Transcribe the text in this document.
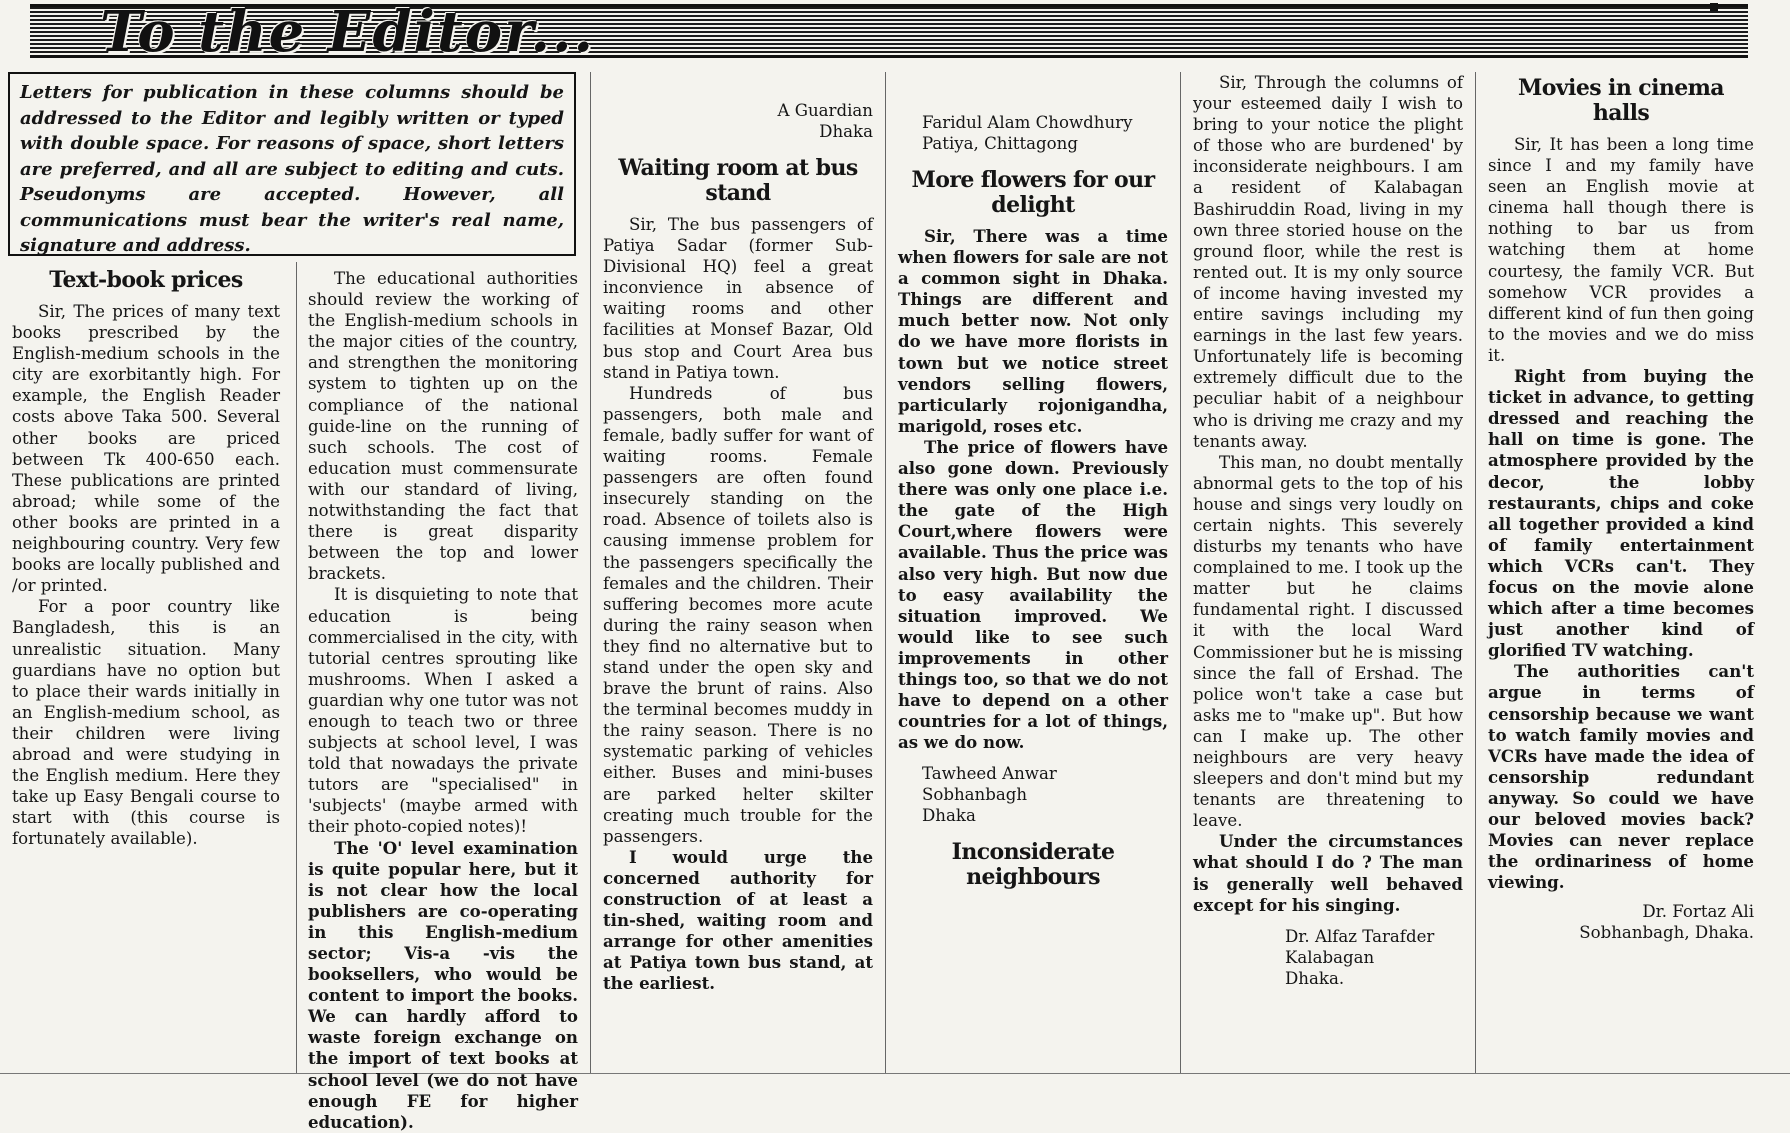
To the Editor...
Letters for publication in these columns should be addressed to the Editor and legibly written or typed with double space. For reasons of space, short letters are preferred, and all are subject to editing and cuts. Pseudonyms are accepted. However, all communications must bear the writer's real name, signature and address.
Text-book prices

Sir, The prices of many text books prescribed by the English-medium schools in the city are exorbitantly high. For example, the English Reader costs above Taka 500. Several other books are priced between Tk 400-650 each. These publications are printed abroad; while some of the other books are printed in a neighbouring country. Very few books are locally published and /or printed.

For a poor country like Bangladesh, this is an unrealistic situation. Many guardians have no option but to place their wards initially in an English-medium school, as their children were living abroad and were studying in the English medium. Here they take up Easy Bengali course to start with (this course is fortunately available).

The educational authorities should review the working of the English-medium schools in the major cities of the country, and strengthen the monitoring system to tighten up on the compliance of the national guide-line on the running of such schools. The cost of education must commensurate with our standard of living, notwithstanding the fact that there is great disparity between the top and lower brackets.

It is disquieting to note that education is being commercialised in the city, with tutorial centres sprouting like mushrooms. When I asked a guardian why one tutor was not enough to teach two or three subjects at school level, I was told that nowadays the private tutors are "specialised" in 'subjects' (maybe armed with their photo-copied notes)!

The 'O' level examination is quite popular here, but it is not clear how the local publishers are co-operating in this English-medium sector; Vis-a -vis the booksellers, who would be content to import the books. We can hardly afford to waste foreign exchange on the import of text books at school level (we do not have enough FE for higher education).

A Guardian
Dhaka
Waiting room at bus stand

Sir, The bus passengers of Patiya Sadar (former Sub-Divisional HQ) feel a great inconvience in absence of waiting rooms and other facilities at Monsef Bazar, Old bus stop and Court Area bus stand in Patiya town.

Hundreds of bus passengers, both male and female, badly suffer for want of waiting rooms. Female passengers are often found insecurely standing on the road. Absence of toilets also is causing immense problem for the passengers specifically the females and the children. Their suffering becomes more acute during the rainy season when they find no alternative but to stand under the open sky and brave the brunt of rains. Also the terminal becomes muddy in the rainy season. There is no systematic parking of vehicles either. Buses and mini-buses are parked helter skilter creating much trouble for the passengers.

I would urge the concerned authority for construction of at least a tin-shed, waiting room and arrange for other amenities at Patiya town bus stand, at the earliest.

Faridul Alam Chowdhury
Patiya, Chittagong
More flowers for our delight

Sir, There was a time when flowers for sale are not a common sight in Dhaka. Things are different and much better now. Not only do we have more florists in town but we notice street vendors selling flowers, particularly rojonigandha, marigold, roses etc.

The price of flowers have also gone down. Previously there was only one place i.e. the gate of the High Court,where flowers were available. Thus the price was also very high. But now due to easy availability the situation improved. We would like to see such improvements in other things too, so that we do not have to depend on a other countries for a lot of things, as we do now.

Tawheed Anwar
Sobhanbagh
Dhaka
Inconsiderate neighbours

Sir, Through the columns of your esteemed daily I wish to bring to your notice the plight of those who are burdened' by inconsiderate neighbours. I am a resident of Kalabagan Bashiruddin Road, living in my own three storied house on the ground floor, while the rest is rented out. It is my only source of income having invested my entire savings including my earnings in the last few years. Unfortunately life is becoming extremely difficult due to the peculiar habit of a neighbour who is driving me crazy and my tenants away.

This man, no doubt mentally abnormal gets to the top of his house and sings very loudly on certain nights. This severely disturbs my tenants who have complained to me. I took up the matter but he claims fundamental right. I discussed it with the local Ward Commissioner but he is missing since the fall of Ershad. The police won't take a case but asks me to "make up". But how can I make up. The other neighbours are very heavy sleepers and don't mind but my tenants are threatening to leave.

Under the circumstances what should I do ? The man is generally well behaved except for his singing.

Dr. Alfaz Tarafder
Kalabagan
Dhaka.
Movies in cinema halls

Sir, It has been a long time since I and my family have seen an English movie at cinema hall though there is nothing to bar us from watching them at home courtesy, the family VCR. But somehow VCR provides a different kind of fun then going to the movies and we do miss it.

Right from buying the ticket in advance, to getting dressed and reaching the hall on time is gone. The atmosphere provided by the decor, the lobby restaurants, chips and coke all together provided a kind of family entertainment which VCRs can't. They focus on the movie alone which after a time becomes just another kind of glorified TV watching.

The authorities can't argue in terms of censorship because we want to watch family movies and VCRs have made the idea of censorship redundant anyway. So could we have our beloved movies back? Movies can never replace the ordinariness of home viewing.

Dr. Fortaz Ali
Sobhanbagh, Dhaka.
